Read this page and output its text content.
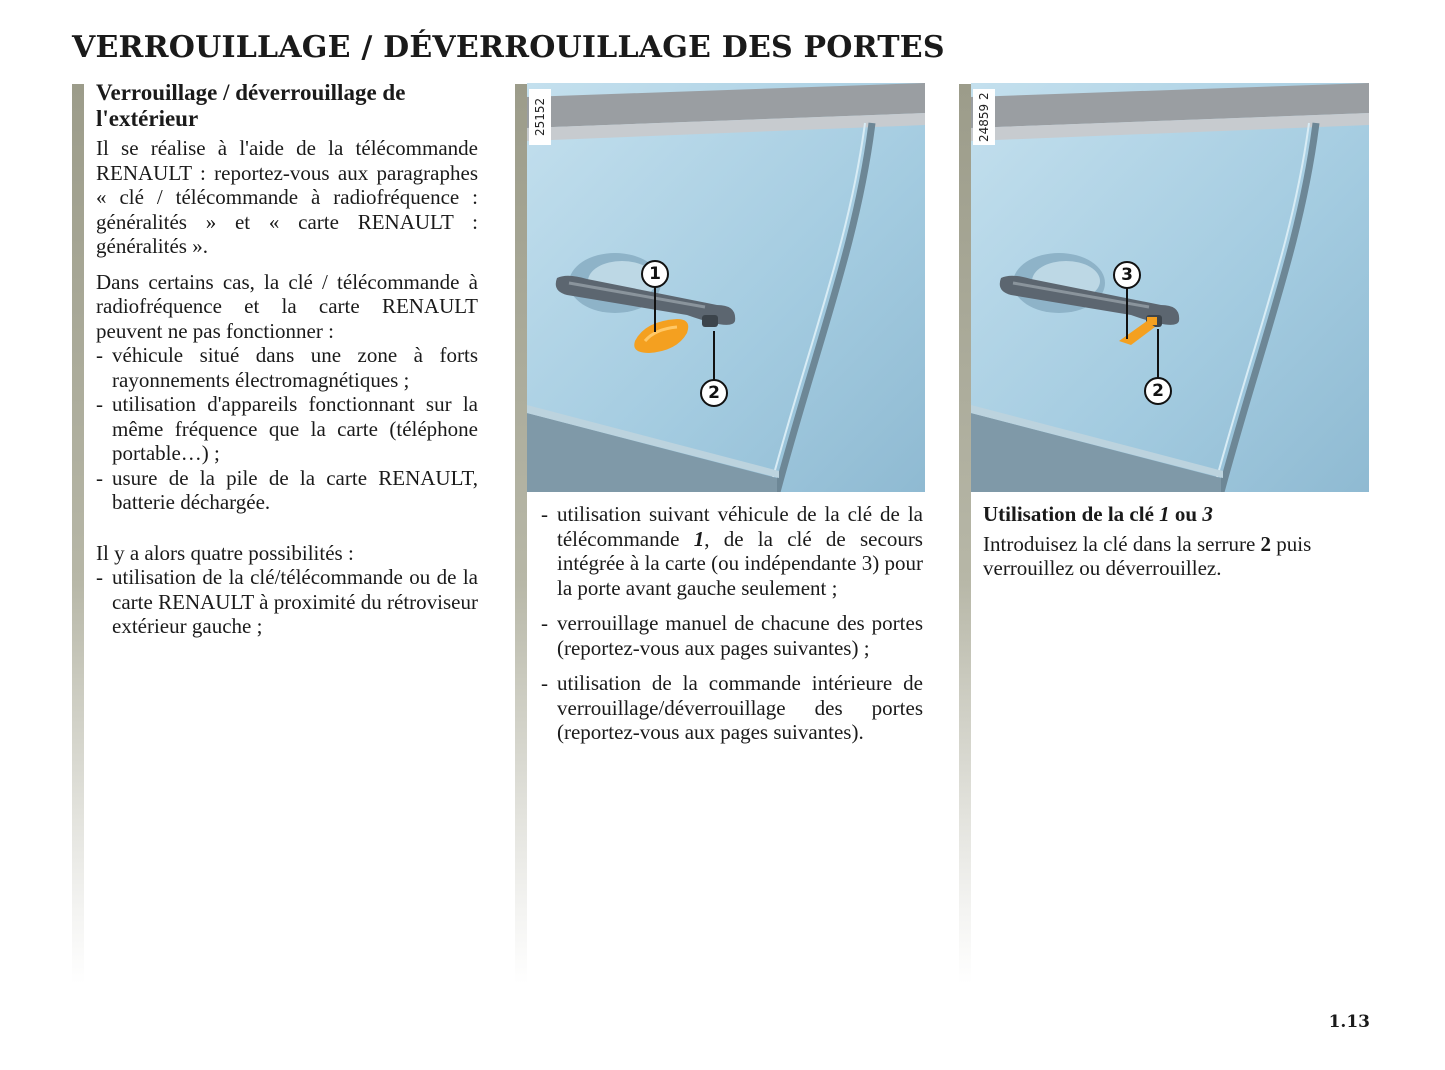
VERROUILLAGE / DÉVERROUILLAGE DES PORTES

Verrouillage / déverrouillage de l'extérieur

Il se réalise à l'aide de la télécommande RENAULT : reportez-vous aux paragraphes « clé / télécommande à radiofréquence : généralités » et « carte RENAULT : généralités ».

Dans certains cas, la clé / télécommande à radiofréquence et la carte RENAULT peuvent ne pas fonctionner :

- véhicule situé dans une zone à forts rayonnements électromagnétiques ;
- utilisation d'appareils fonctionnant sur la même fréquence que la carte (téléphone portable…) ;
- usure de la pile de la carte RENAULT, batterie déchargée.

Il y a alors quatre possibilités :

- utilisation de la clé/télécommande ou de la carte RENAULT à proximité du rétroviseur extérieur gauche ;
25152
1
2
- utilisation suivant véhicule de la clé de la télécommande 1, de la clé de secours intégrée à la carte (ou indépendante 3) pour la porte avant gauche seulement ;
- verrouillage manuel de chacune des portes (reportez-vous aux pages suivantes) ;
- utilisation de la commande intérieure de verrouillage/déverrouillage des portes (reportez-vous aux pages suivantes).
24859 2
3
2

Utilisation de la clé 1 ou 3

Introduisez la clé dans la serrure 2 puis verrouillez ou déverrouillez.

1.13
